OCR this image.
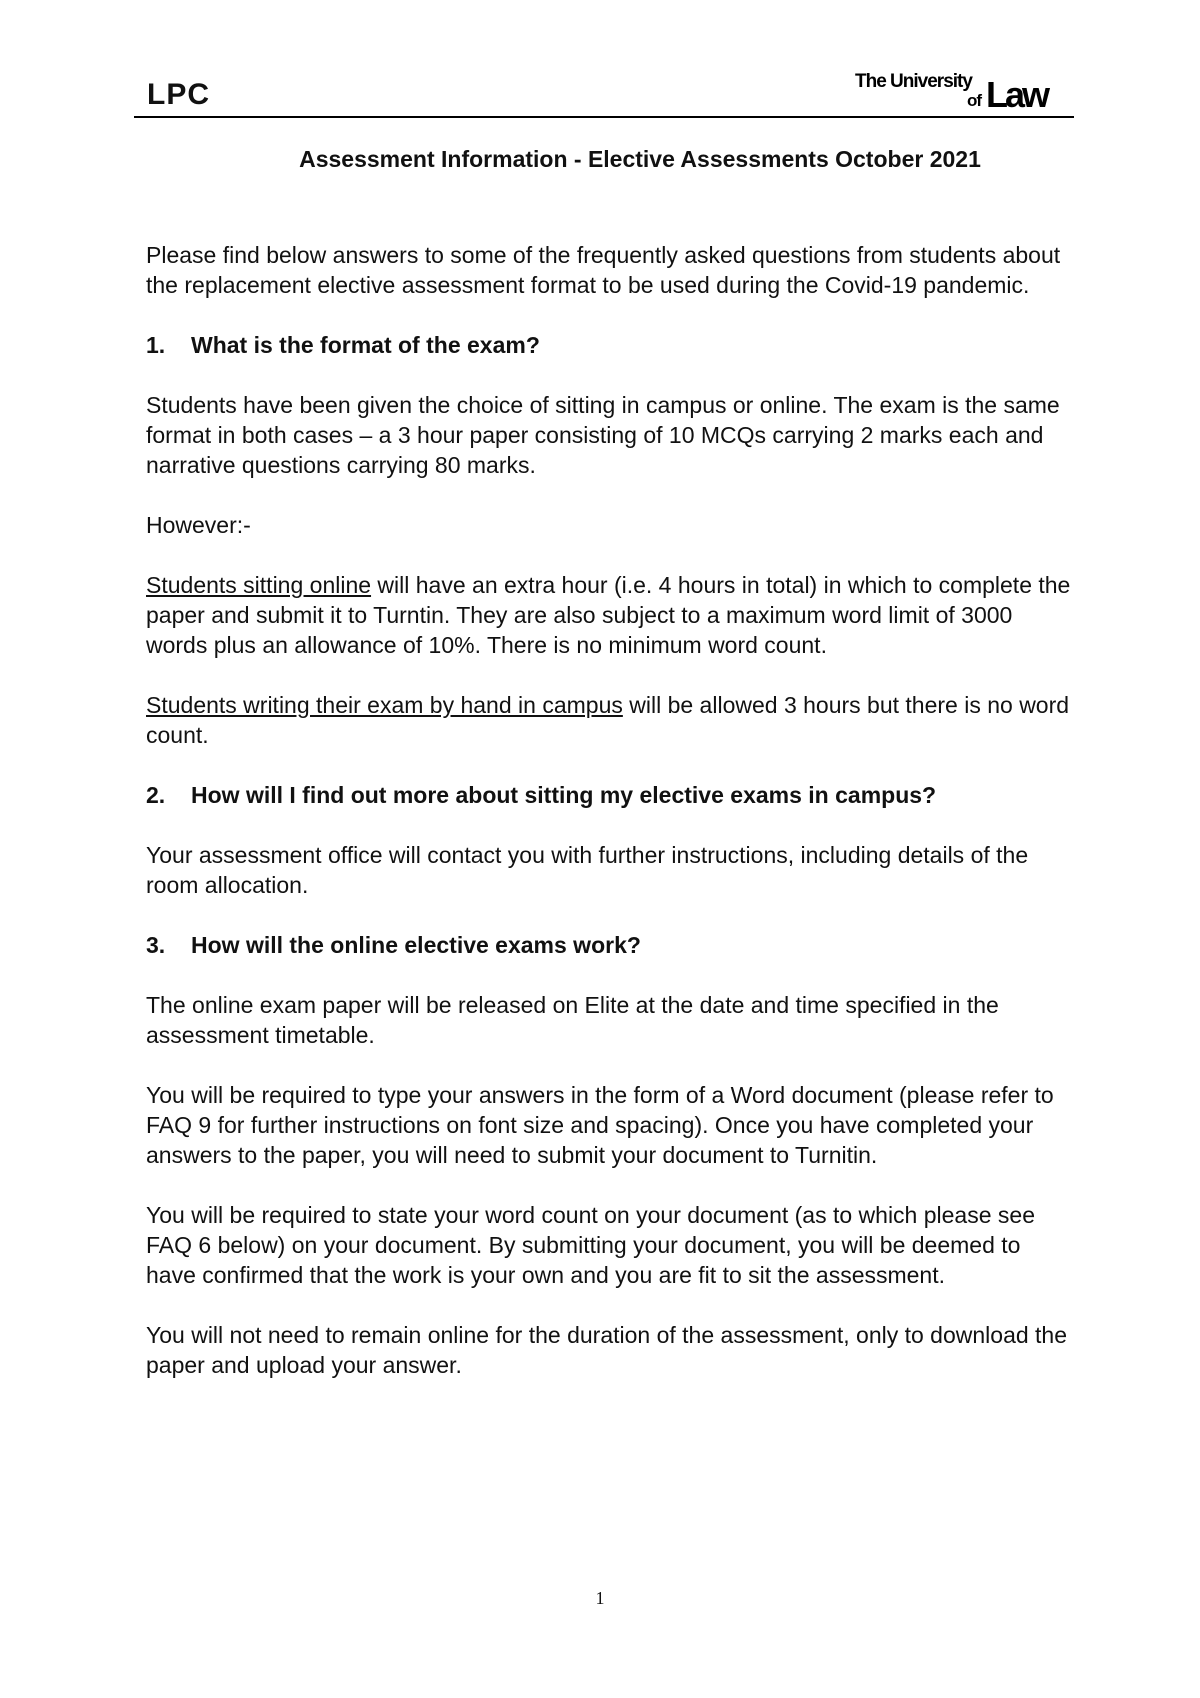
LPC	The University
of Law
Assessment Information - Elective Assessments October 2021

Please find below answers to some of the frequently asked questions from students about the replacement elective assessment format to be used during the Covid-19 pandemic.

1. What is the format of the exam?

Students have been given the choice of sitting in campus or online. The exam is the same format in both cases – a 3 hour paper consisting of 10 MCQs carrying 2 marks each and narrative questions carrying 80 marks.

However:-

Students sitting online will have an extra hour (i.e. 4 hours in total) in which to complete the paper and submit it to Turntin. They are also subject to a maximum word limit of 3000 words plus an allowance of 10%. There is no minimum word count.

Students writing their exam by hand in campus will be allowed 3 hours but there is no word count.

2. How will I find out more about sitting my elective exams in campus?

Your assessment office will contact you with further instructions, including details of the room allocation.

3. How will the online elective exams work?

The online exam paper will be released on Elite at the date and time specified in the assessment timetable.

You will be required to type your answers in the form of a Word document (please refer to FAQ 9 for further instructions on font size and spacing). Once you have completed your answers to the paper, you will need to submit your document to Turnitin.

You will be required to state your word count on your document (as to which please see FAQ 6 below) on your document. By submitting your document, you will be deemed to have confirmed that the work is your own and you are fit to sit the assessment.

You will not need to remain online for the duration of the assessment, only to download the paper and upload your answer.

1
